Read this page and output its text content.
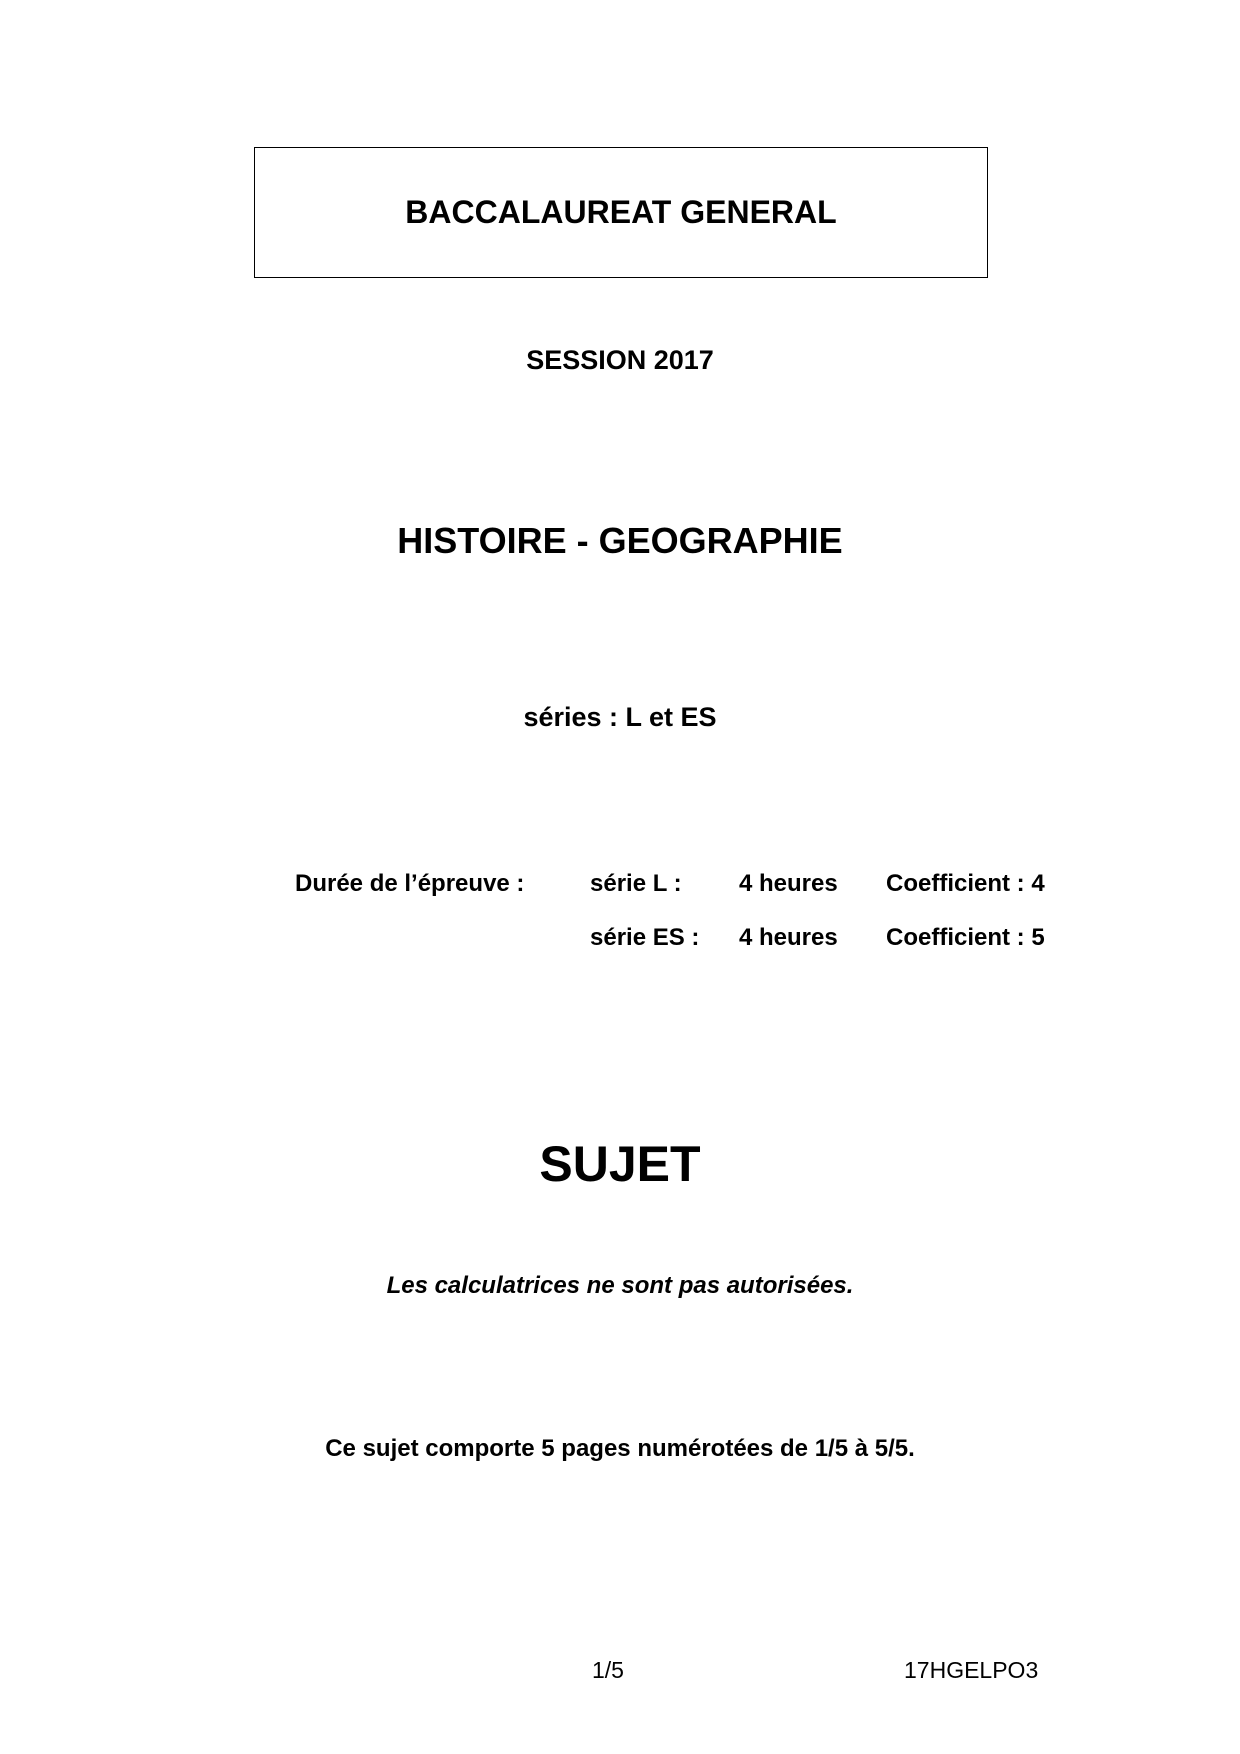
BACCALAUREAT GENERAL
SESSION 2017
HISTOIRE - GEOGRAPHIE
séries : L et ES
Durée de l’épreuve :	série L : 4 heures Coefficient : 4
série ES : 4 heures Coefficient : 5
SUJET
Les calculatrices ne sont pas autorisées.
Ce sujet comporte 5 pages numérotées de 1/5 à 5/5.
1/5	17HGELPO3
